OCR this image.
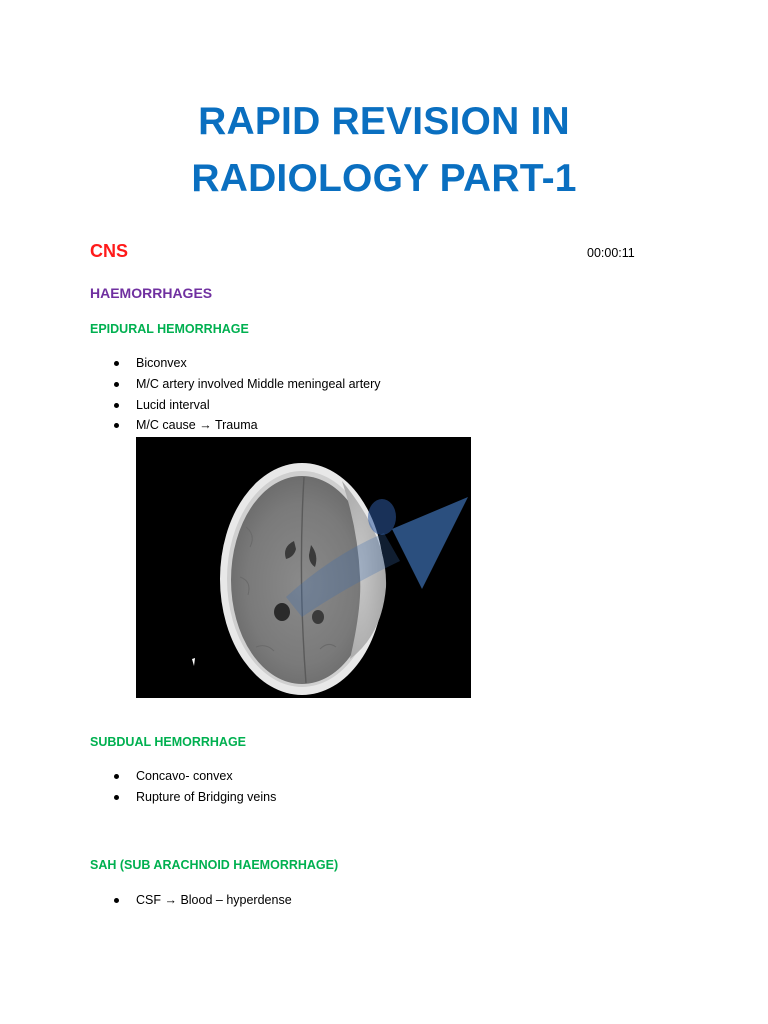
RAPID REVISION IN
RADIOLOGY PART-1
CNS	00:00:11
HAEMORRHAGES
EPIDURAL HEMORRHAGE
Biconvex
M/C artery involved Middle meningeal artery
Lucid interval
M/C cause → Trauma
SUBDUAL HEMORRHAGE
Concavo- convex
Rupture of Bridging veins
SAH (SUB ARACHNOID HAEMORRHAGE)
CSF → Blood – hyperdense
